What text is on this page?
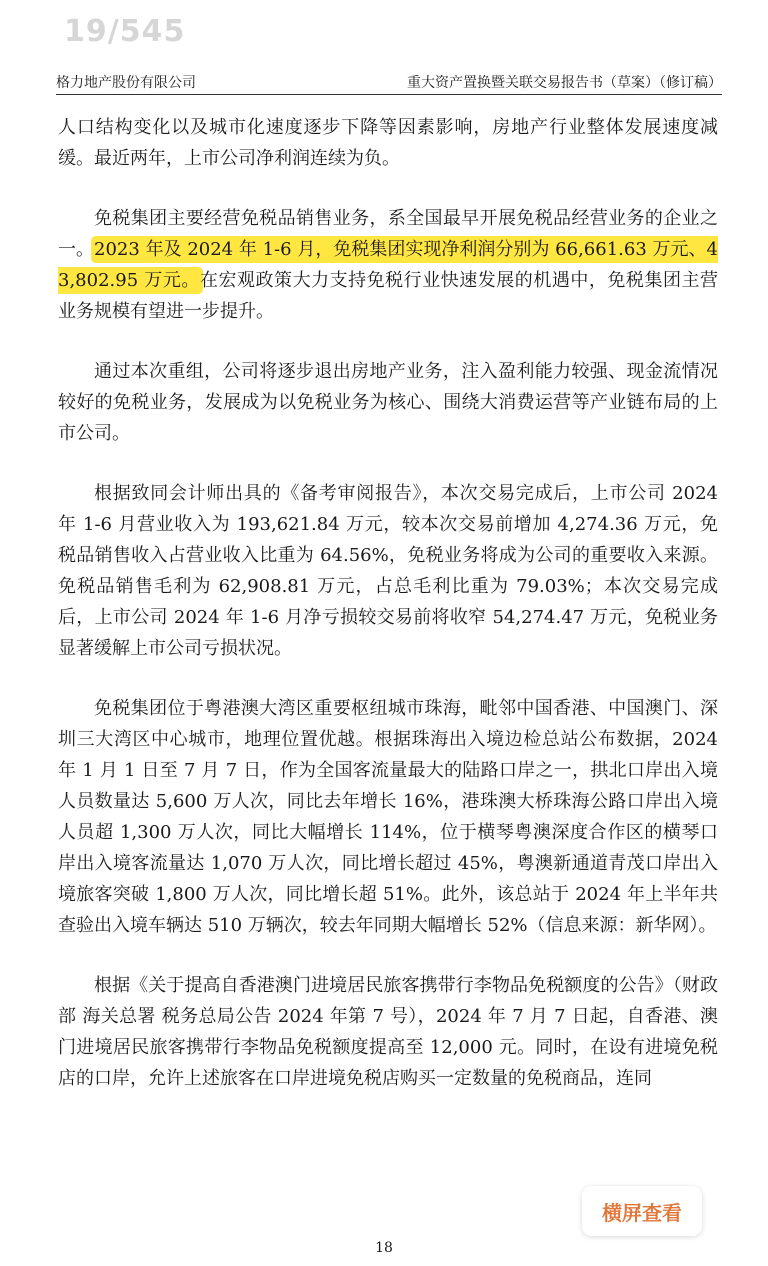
19/545
格力地产股份有限公司	重大资产置换暨关联交易报告书（草案）（修订稿）

人口结构变化以及城市化速度逐步下降等因素影响，房地产行业整体发展速度减缓。最近两年，上市公司净利润连续为负。

免税集团主要经营免税品销售业务，系全国最早开展免税品经营业务的企业之一。2023 年及 2024 年 1-6 月，免税集团实现净利润分别为 66,661.63 万元、43,802.95 万元。在宏观政策大力支持免税行业快速发展的机遇中，免税集团主营业务规模有望进一步提升。

通过本次重组，公司将逐步退出房地产业务，注入盈利能力较强、现金流情况较好的免税业务，发展成为以免税业务为核心、围绕大消费运营等产业链布局的上市公司。

根据致同会计师出具的《备考审阅报告》，本次交易完成后，上市公司 2024 年 1-6 月营业收入为 193,621.84 万元，较本次交易前增加 4,274.36 万元，免税品销售收入占营业收入比重为 64.56%，免税业务将成为公司的重要收入来源。免税品销售毛利为 62,908.81 万元，占总毛利比重为 79.03%；本次交易完成后，上市公司 2024 年 1-6 月净亏损较交易前将收窄 54,274.47 万元，免税业务显著缓解上市公司亏损状况。

免税集团位于粤港澳大湾区重要枢纽城市珠海，毗邻中国香港、中国澳门、深圳三大湾区中心城市，地理位置优越。根据珠海出入境边检总站公布数据，2024 年 1 月 1 日至 7 月 7 日，作为全国客流量最大的陆路口岸之一，拱北口岸出入境人员数量达 5,600 万人次，同比去年增长 16%，港珠澳大桥珠海公路口岸出入境人员超 1,300 万人次，同比大幅增长 114%，位于横琴粤澳深度合作区的横琴口岸出入境客流量达 1,070 万人次，同比增长超过 45%，粤澳新通道青茂口岸出入境旅客突破 1,800 万人次，同比增长超 51%。此外，该总站于 2024 年上半年共查验出入境车辆达 510 万辆次，较去年同期大幅增长 52%（信息来源：新华网）。

根据《关于提高自香港澳门进境居民旅客携带行李物品免税额度的公告》（财政部 海关总署 税务总局公告 2024 年第 7 号），2024 年 7 月 7 日起，自香港、澳门进境居民旅客携带行李物品免税额度提高至 12,000 元。同时，在设有进境免税店的口岸，允许上述旅客在口岸进境免税店购买一定数量的免税商品，连同

横屏查看
18
